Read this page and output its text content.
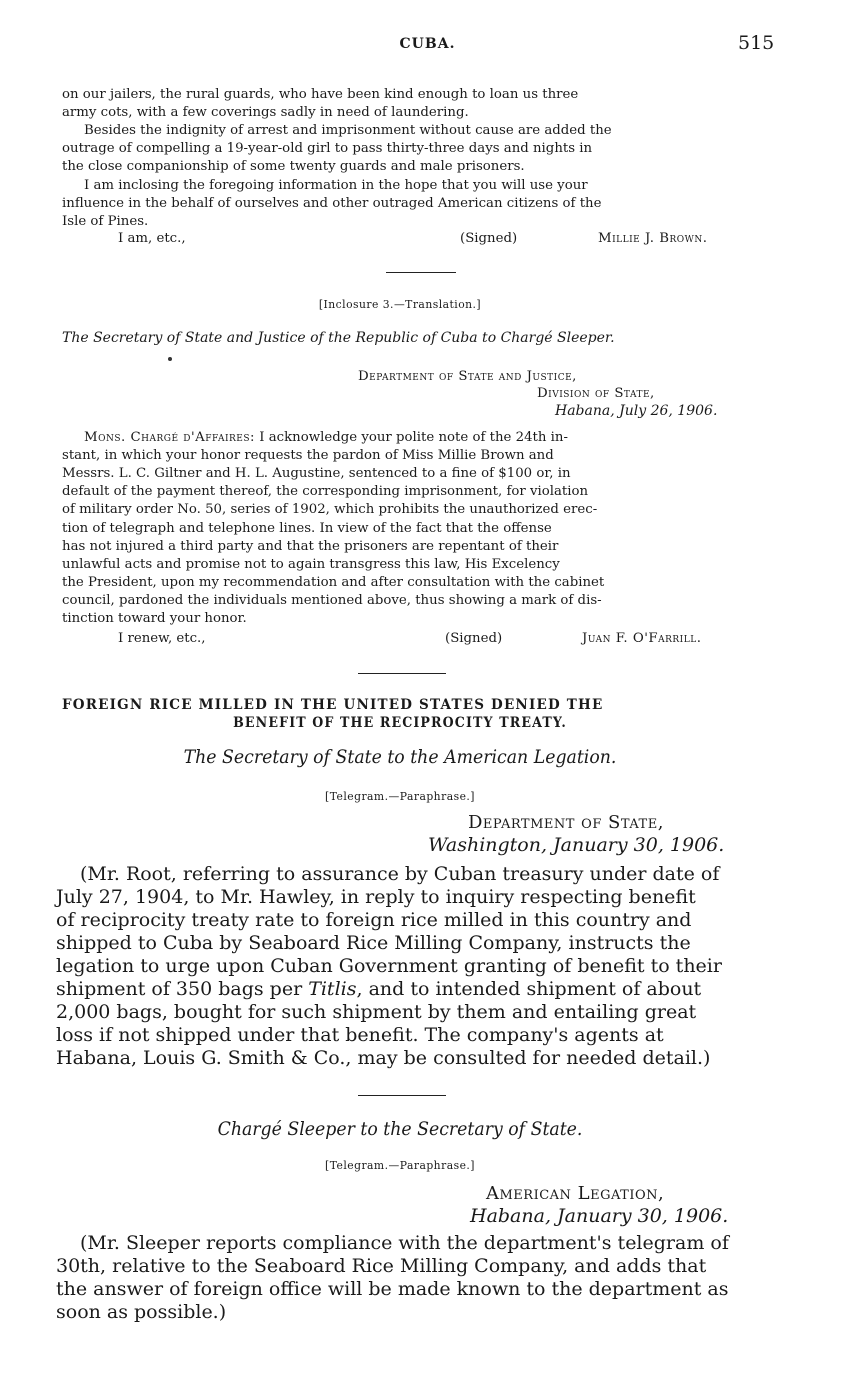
CUBA.	515
on our jailers, the rural guards, who have been kind enough to loan us three
army cots, with a few coverings sadly in need of laundering.
Besides the indignity of arrest and imprisonment without cause are added the
outrage of compelling a 19-year-old girl to pass thirty-three days and nights in
the close companionship of some twenty guards and male prisoners.
I am inclosing the foregoing information in the hope that you will use your
influence in the behalf of ourselves and other outraged American citizens of the
Isle of Pines.
I am, etc.,	(Signed)	Millie J. Brown.
[Inclosure 3.—Translation.]
The Secretary of State and Justice of the Republic of Cuba to Chargé Sleeper.
Department of State and Justice,
Division of State,
Habana, July 26, 1906.
Mons. Chargé d'Affaires: I acknowledge your polite note of the 24th in-
stant, in which your honor requests the pardon of Miss Millie Brown and
Messrs. L. C. Giltner and H. L. Augustine, sentenced to a fine of $100 or, in
default of the payment thereof, the corresponding imprisonment, for violation
of military order No. 50, series of 1902, which prohibits the unauthorized erec-
tion of telegraph and telephone lines. In view of the fact that the offense
has not injured a third party and that the prisoners are repentant of their
unlawful acts and promise not to again transgress this law, His Excelency
the President, upon my recommendation and after consultation with the cabinet
council, pardoned the individuals mentioned above, thus showing a mark of dis-
tinction toward your honor.
I renew, etc.,	(Signed)	Juan F. O'Farrill.
FOREIGN RICE MILLED IN THE UNITED STATES DENIED THE
BENEFIT OF THE RECIPROCITY TREATY.
The Secretary of State to the American Legation.
[Telegram.—Paraphrase.]
Department of State,
Washington, January 30, 1906.
(Mr. Root, referring to assurance by Cuban treasury under date of
July 27, 1904, to Mr. Hawley, in reply to inquiry respecting benefit
of reciprocity treaty rate to foreign rice milled in this country and
shipped to Cuba by Seaboard Rice Milling Company, instructs the
legation to urge upon Cuban Government granting of benefit to their
shipment of 350 bags per Titlis, and to intended shipment of about
2,000 bags, bought for such shipment by them and entailing great
loss if not shipped under that benefit. The company's agents at
Habana, Louis G. Smith & Co., may be consulted for needed detail.)
Chargé Sleeper to the Secretary of State.
[Telegram.—Paraphrase.]
American Legation,
Habana, January 30, 1906.
(Mr. Sleeper reports compliance with the department's telegram of
30th, relative to the Seaboard Rice Milling Company, and adds that
the answer of foreign office will be made known to the department as
soon as possible.)
